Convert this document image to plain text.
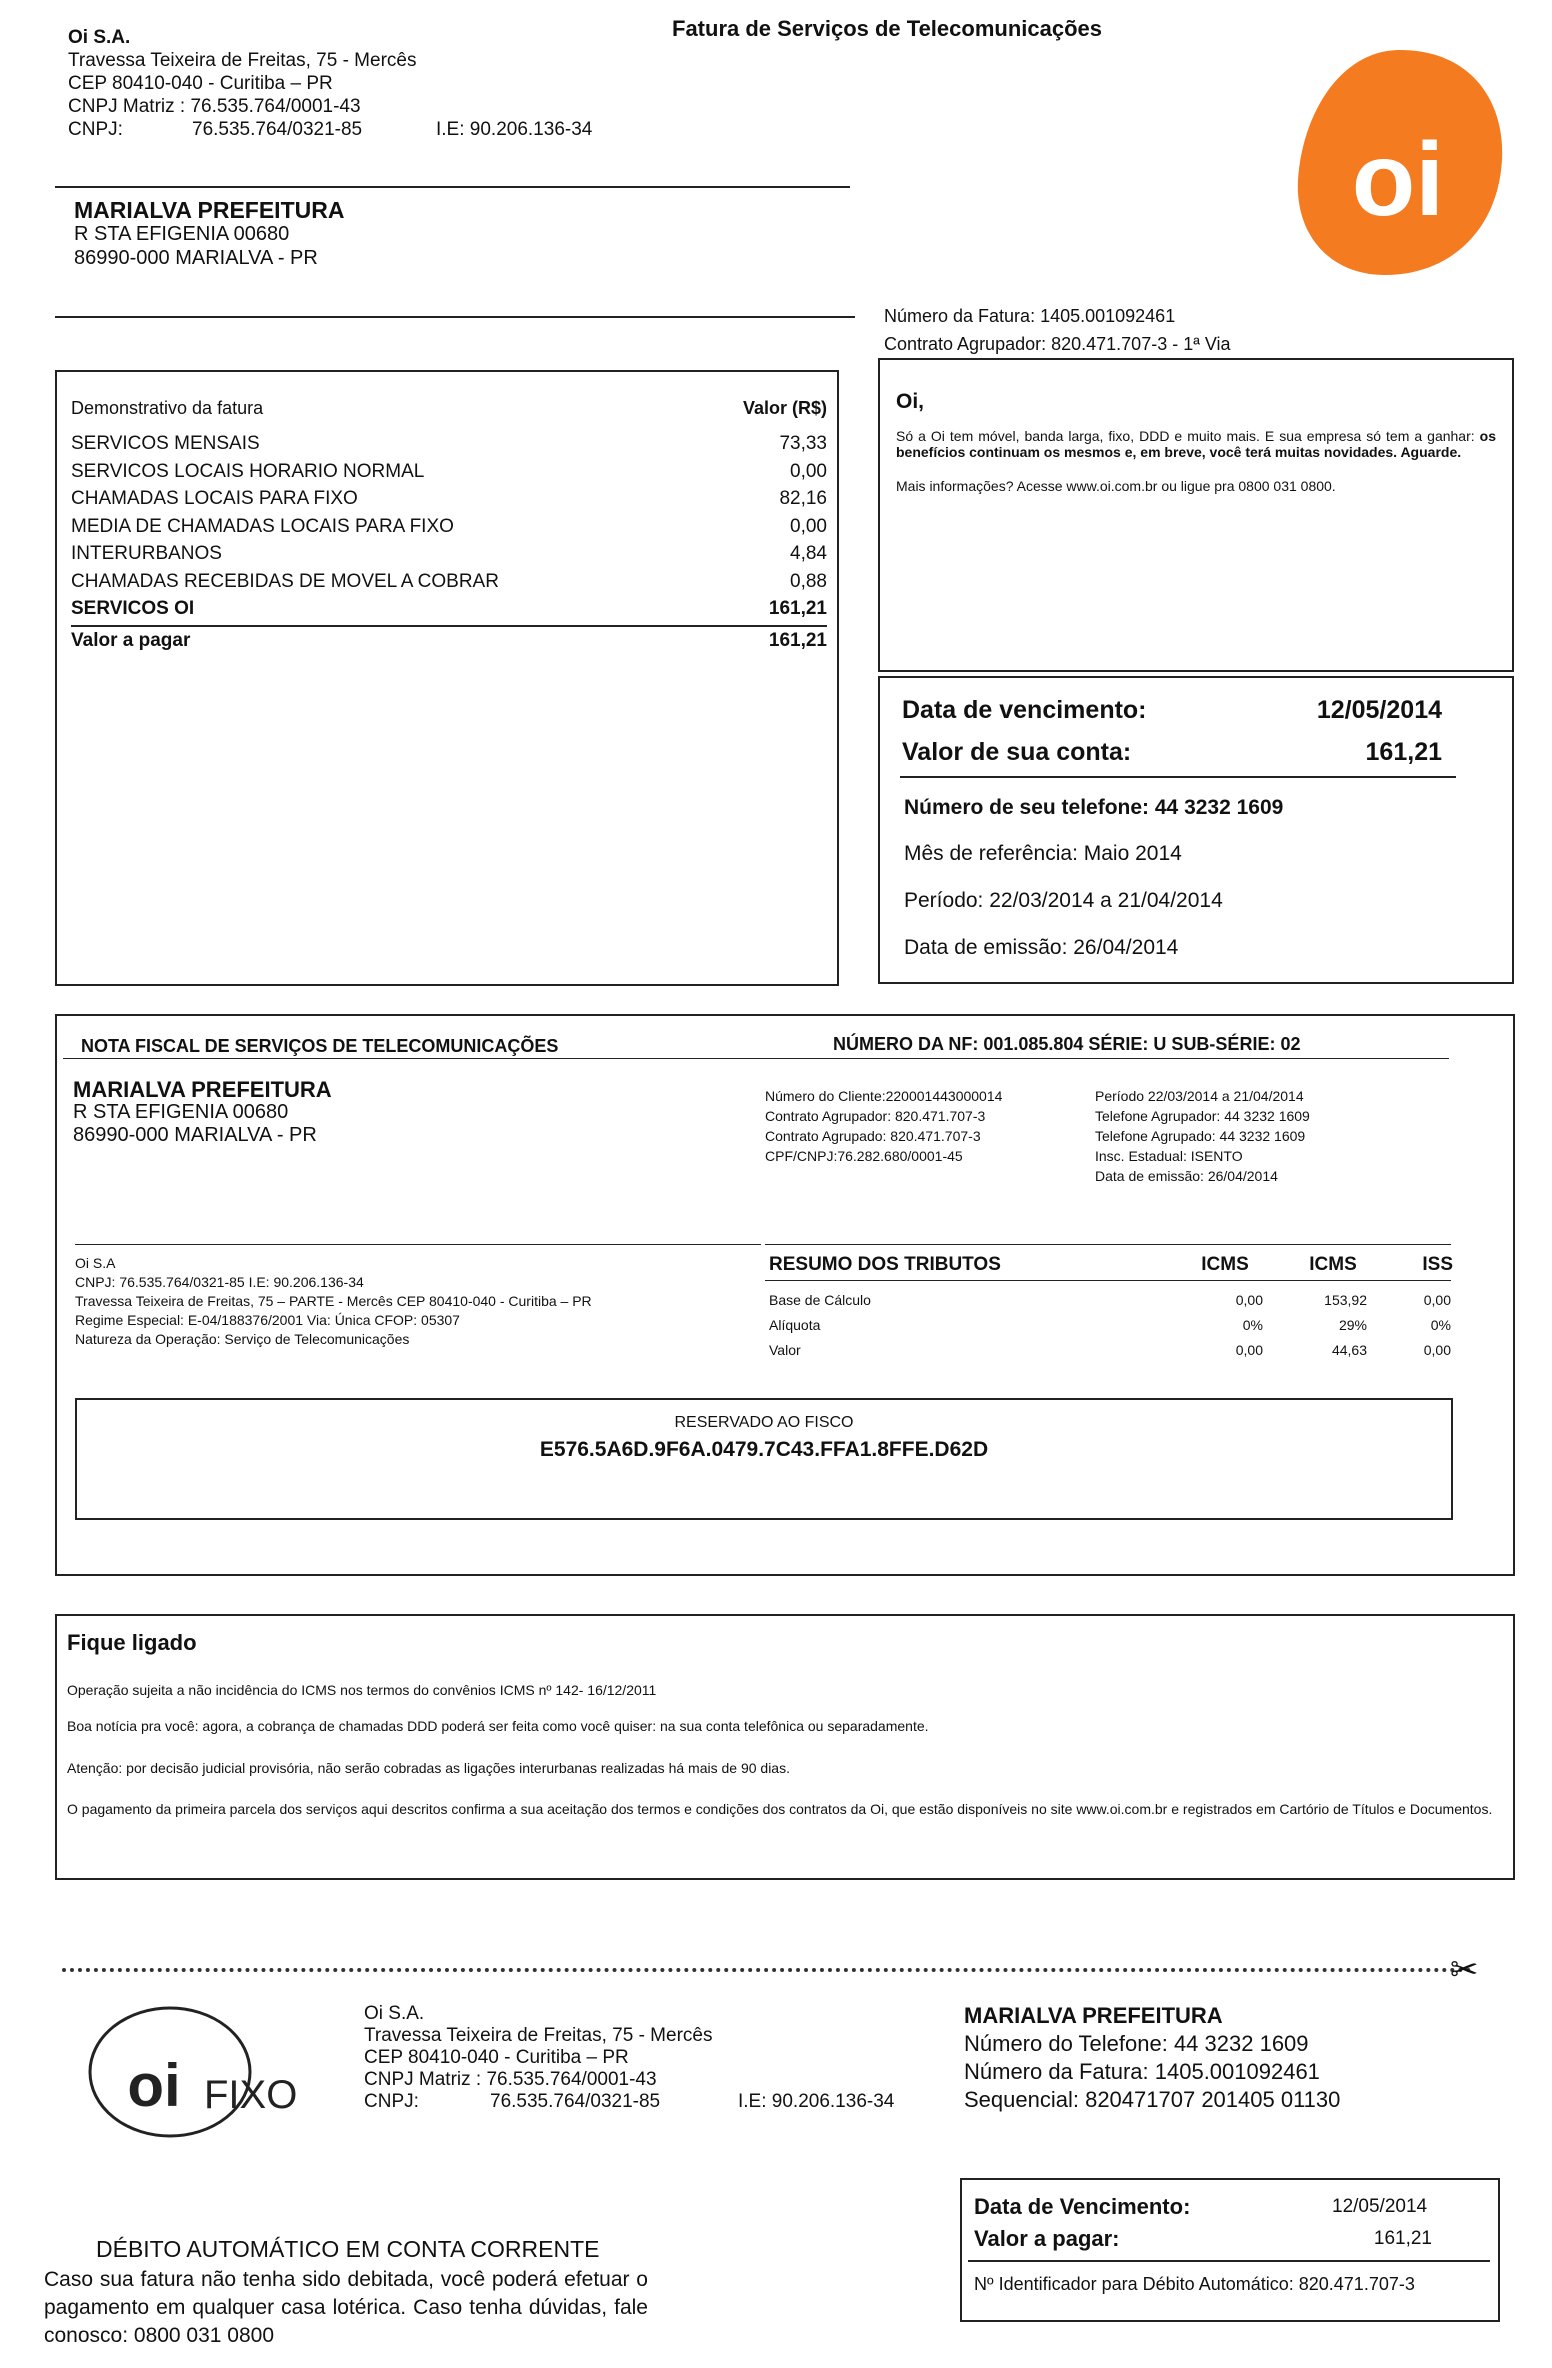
Oi S.A.
Travessa Teixeira de Freitas, 75 - Mercês
CEP 80410-040 - Curitiba – PR
CNPJ Matriz : 76.535.764/0001-43
CNPJ:	76.535.764/0321-85	I.E: 90.206.136-34
Fatura de Serviços de Telecomunicações
oi
MARIALVA PREFEITURA
R STA EFIGENIA 00680
86990-000 MARIALVA - PR
Número da Fatura: 1405.001092461
Contrato Agrupador: 820.471.707-3 - 1ª Via
Demonstrativo da fatura	Valor (R$)
SERVICOS MENSAIS	73,33
SERVICOS LOCAIS HORARIO NORMAL	0,00
CHAMADAS LOCAIS PARA FIXO	82,16
MEDIA DE CHAMADAS LOCAIS PARA FIXO	0,00
INTERURBANOS	4,84
CHAMADAS RECEBIDAS DE MOVEL A COBRAR	0,88
SERVICOS OI	161,21
Valor a pagar	161,21
Oi,
Só a Oi tem móvel, banda larga, fixo, DDD e muito mais. E sua empresa só tem a ganhar: os benefícios continuam os mesmos e, em breve, você terá muitas novidades. Aguarde.
Mais informações? Acesse www.oi.com.br ou ligue pra 0800 031 0800.
Data de vencimento:	12/05/2014
Valor de sua conta:	161,21
Número de seu telefone: 44 3232 1609
Mês de referência: Maio 2014
Período: 22/03/2014 a 21/04/2014
Data de emissão: 26/04/2014
NOTA FISCAL DE SERVIÇOS DE TELECOMUNICAÇÕES	NÚMERO DA NF: 001.085.804 SÉRIE: U SUB-SÉRIE: 02
MARIALVA PREFEITURA
R STA EFIGENIA 00680
86990-000 MARIALVA - PR
Número do Cliente:220001443000014
Contrato Agrupador: 820.471.707-3
Contrato Agrupado: 820.471.707-3
CPF/CNPJ:76.282.680/0001-45
Período 22/03/2014 a 21/04/2014
Telefone Agrupador: 44 3232 1609
Telefone Agrupado: 44 3232 1609
Insc. Estadual: ISENTO
Data de emissão: 26/04/2014
Oi S.A
CNPJ: 76.535.764/0321-85 I.E: 90.206.136-34
Travessa Teixeira de Freitas, 75 – PARTE - Mercês CEP 80410-040 - Curitiba – PR
Regime Especial: E-04/188376/2001 Via: Única CFOP: 05307
Natureza da Operação: Serviço de Telecomunicações
RESUMO DOS TRIBUTOS	ICMS	ICMS	ISS
Base de Cálculo	0,00	153,92	0,00
Alíquota	0%	29%	0%
Valor	0,00	44,63	0,00
RESERVADO AO FISCO
E576.5A6D.9F6A.0479.7C43.FFA1.8FFE.D62D
Fique ligado
Operação sujeita a não incidência do ICMS nos termos do convênios ICMS nº 142- 16/12/2011
Boa notícia pra você: agora, a cobrança de chamadas DDD poderá ser feita como você quiser: na sua conta telefônica ou separadamente.
Atenção: por decisão judicial provisória, não serão cobradas as ligações interurbanas realizadas há mais de 90 dias.
O pagamento da primeira parcela dos serviços aqui descritos confirma a sua aceitação dos termos e condições dos contratos da Oi, que estão disponíveis no site www.oi.com.br e registrados em Cartório de Títulos e Documentos.
✂
oi FIXO
Oi S.A.
Travessa Teixeira de Freitas, 75 - Mercês
CEP 80410-040 - Curitiba – PR
CNPJ Matriz : 76.535.764/0001-43
CNPJ:	76.535.764/0321-85	I.E: 90.206.136-34
MARIALVA PREFEITURA
Número do Telefone: 44 3232 1609
Número da Fatura: 1405.001092461
Sequencial: 820471707 201405 01130
DÉBITO AUTOMÁTICO EM CONTA CORRENTE
Caso sua fatura não tenha sido debitada, você poderá efetuar o pagamento em qualquer casa lotérica. Caso tenha dúvidas, fale conosco: 0800 031 0800
Data de Vencimento:	12/05/2014
Valor a pagar:	161,21
Nº Identificador para Débito Automático: 820.471.707-3
